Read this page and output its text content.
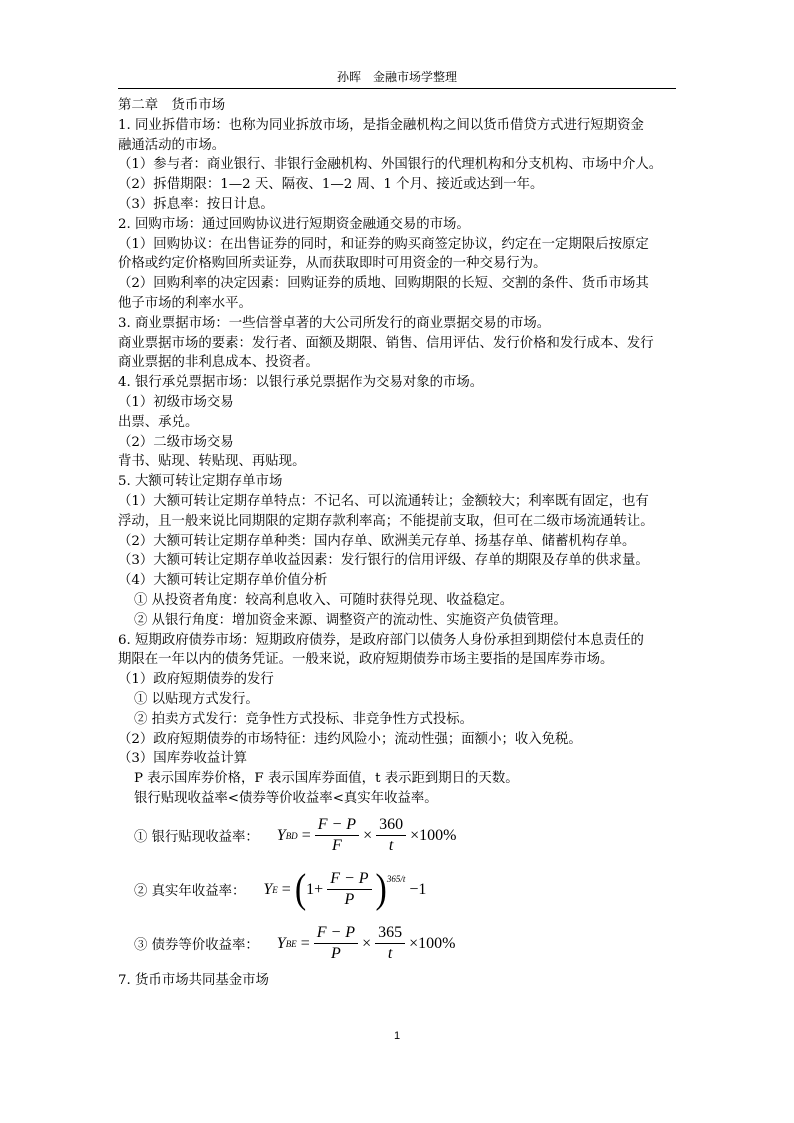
孙晖　金融市场学整理
第二章　货币市场
1. 同业拆借市场：也称为同业拆放市场，是指金融机构之间以货币借贷方式进行短期资金
融通活动的市场。
（1）参与者：商业银行、非银行金融机构、外国银行的代理机构和分支机构、市场中介人。
（2）拆借期限：1—2 天、隔夜、1—2 周、1 个月、接近或达到一年。
（3）拆息率：按日计息。
2. 回购市场：通过回购协议进行短期资金融通交易的市场。
（1）回购协议：在出售证券的同时，和证券的购买商签定协议，约定在一定期限后按原定
价格或约定价格购回所卖证券，从而获取即时可用资金的一种交易行为。
（2）回购利率的决定因素：回购证券的质地、回购期限的长短、交割的条件、货币市场其
他子市场的利率水平。
3. 商业票据市场：一些信誉卓著的大公司所发行的商业票据交易的市场。
商业票据市场的要素：发行者、面额及期限、销售、信用评估、发行价格和发行成本、发行
商业票据的非利息成本、投资者。
4. 银行承兑票据市场：以银行承兑票据作为交易对象的市场。
（1）初级市场交易
出票、承兑。
（2）二级市场交易
背书、贴现、转贴现、再贴现。
5. 大额可转让定期存单市场
（1）大额可转让定期存单特点：不记名、可以流通转让；金额较大；利率既有固定，也有
浮动，且一般来说比同期限的定期存款利率高；不能提前支取，但可在二级市场流通转让。
（2）大额可转让定期存单种类：国内存单、欧洲美元存单、扬基存单、储蓄机构存单。
（3）大额可转让定期存单收益因素：发行银行的信用评级、存单的期限及存单的供求量。
（4）大额可转让定期存单价值分析
① 从投资者角度：较高利息收入、可随时获得兑现、收益稳定。
② 从银行角度：增加资金来源、调整资产的流动性、实施资产负债管理。
6. 短期政府债券市场：短期政府债券，是政府部门以债务人身份承担到期偿付本息责任的
期限在一年以内的债务凭证。一般来说，政府短期债券市场主要指的是国库券市场。
（1）政府短期债券的发行
① 以贴现方式发行。
② 拍卖方式发行：竞争性方式投标、非竞争性方式投标。
（2）政府短期债券的市场特征：违约风险小；流动性强；面额小；收入免税。
（3）国库券收益计算
P 表示国库券价格，F 表示国库券面值，t 表示距到期日的天数。
银行贴现收益率<债券等价收益率<真实年收益率。
① 银行贴现收益率： Y BD = $\frac{F - P}{F} \times \frac{360}{t} \times 100\%$
② 真实年收益率： Y E = ( $1+ \frac{F - P}{P}$ ) 365/t

−1
③ 债券等价收益率： Y BE = $\frac{F - P}{P} \times \frac{365}{t} \times 100\%$
7. 货币市场共同基金市场
1
